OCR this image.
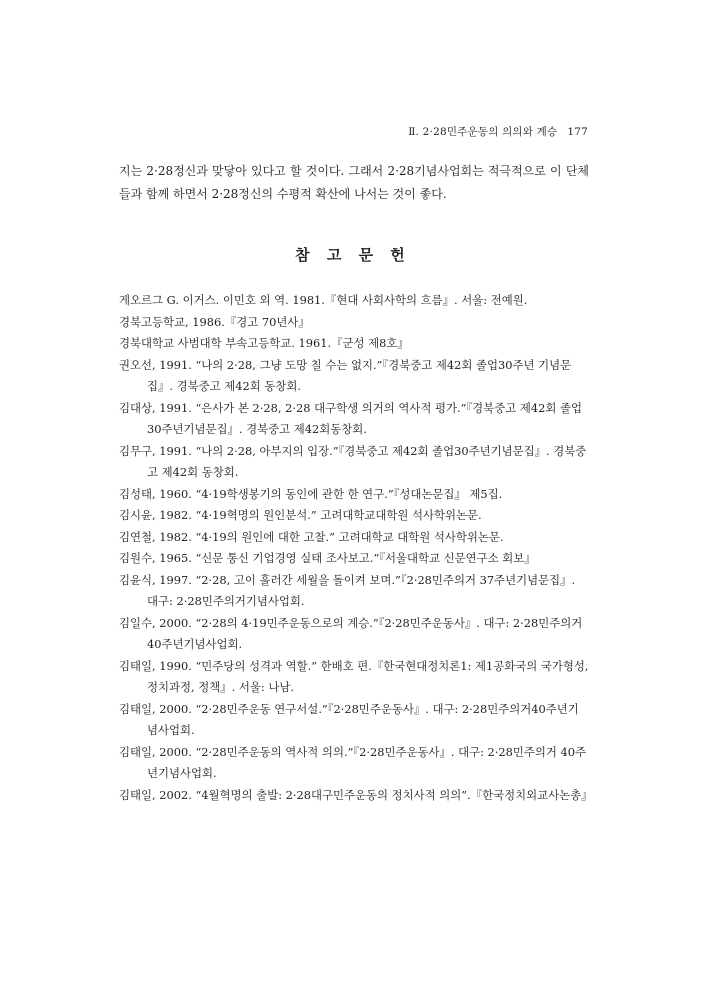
Ⅱ. 2·28민주운동의 의의와 계승 177

지는 2·28정신과 맞닿아 있다고 할 것이다. 그래서 2·28기념사업회는 적극적으로 이 단체들과 함께 하면서 2·28정신의 수평적 확산에 나서는 것이 좋다.

참 고 문 헌
게오르그 G. 이거스. 이민호 외 역. 1981.『현대 사회사학의 흐름』. 서울: 전예원.
경북고등학교, 1986.『경고 70년사』
경북대학교 사범대학 부속고등학교. 1961.『군성 제8호』
권오선, 1991. “나의 2·28, 그냥 도망 칠 수는 없지.”『경북중고 제42회 졸업30주년 기념문집』. 경북중고 제42회 동창회.
김대상, 1991. “은사가 본 2·28, 2·28 대구학생 의거의 역사적 평가.”『경북중고 제42회 졸업30주년기념문집』. 경북중고 제42회동창회.
김무구, 1991. “나의 2·28, 아부지의 입장.”『경북중고 제42회 졸업30주년기념문집』. 경북중고 제42회 동창회.
김성태, 1960. “4·19학생봉기의 동인에 관한 한 연구.”『성대논문집』 제5집.
김시윤, 1982. “4·19혁명의 원인분석.” 고려대학교대학원 석사학위논문.
김연철, 1982. “4·19의 원인에 대한 고찰.” 고려대학교 대학원 석사학위논문.
김원수, 1965. “신문 통신 기업경영 실태 조사보고.”『서울대학교 신문연구소 회보』
김윤식, 1997. “2·28, 고이 흘러간 세월을 돌이켜 보며.”『2·28민주의거 37주년기념문집』. 대구: 2·28민주의거기념사업회.
김일수, 2000. “2·28의 4·19민주운동으로의 계승.”『2·28민주운동사』. 대구: 2·28민주의거40주년기념사업회.
김태일, 1990. “민주당의 성격과 역할.” 한배호 편.『한국현대정치론1: 제1공화국의 국가형성, 정치과정, 정책』. 서울: 나남.
김태일, 2000. “2·28민주운동 연구서설.”『2·28민주운동사』. 대구: 2·28민주의거40주년기념사업회.
김태일, 2000. “2·28민주운동의 역사적 의의.”『2·28민주운동사』. 대구: 2·28민주의거 40주년기념사업회.
김태일, 2002. “4월혁명의 출발: 2·28대구민주운동의 정치사적 의의”.『한국정치외교사논총』
